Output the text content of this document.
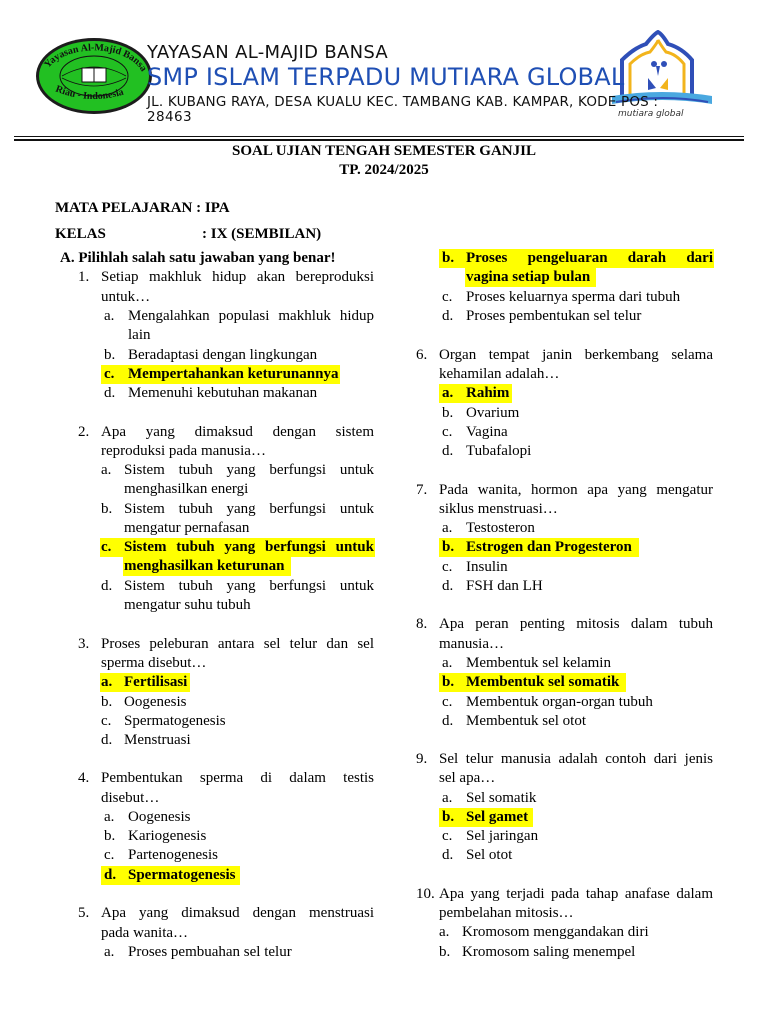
Yayasan Al-Majid Bansa
Riau - Indonesia
mutiara global
YAYASAN AL-MAJID BANSA
SMP ISLAM TERPADU MUTIARA GLOBAL
JL. KUBANG RAYA, DESA KUALU KEC. TAMBANG KAB. KAMPAR, KODE POS :
28463
SOAL UJIAN TENGAH SEMESTER GANJIL
TP. 2024/2025
MATA PELAJARAN : IPA
KELAS	: IX (SEMBILAN)
A. Pilihlah salah satu jawaban yang benar!
1. Setiap makhluk hidup akan bereproduksi
untuk…
a. Mengalahkan populasi makhluk hidup
lain
b. Beradaptasi dengan lingkungan
c. Mempertahankan keturunannya
d. Memenuhi kebutuhan makanan
2. Apa yang dimaksud dengan sistem
reproduksi pada manusia…
a. Sistem tubuh yang berfungsi untuk
menghasilkan energi
b. Sistem tubuh yang berfungsi untuk
mengatur pernafasan
c. Sistem tubuh yang berfungsi untuk
menghasilkan keturunan
d. Sistem tubuh yang berfungsi untuk
mengatur suhu tubuh
3. Proses peleburan antara sel telur dan sel
sperma disebut…
a. Fertilisasi
b. Oogenesis
c. Spermatogenesis
d. Menstruasi
4. Pembentukan sperma di dalam testis
disebut…
a. Oogenesis
b. Kariogenesis
c. Partenogenesis
d. Spermatogenesis
5. Apa yang dimaksud dengan menstruasi
pada wanita…
a. Proses pembuahan sel telur
b. Proses pengeluaran darah dari
vagina setiap bulan
c. Proses keluarnya sperma dari tubuh
d. Proses pembentukan sel telur
6. Organ tempat janin berkembang selama
kehamilan adalah…
a. Rahim
b. Ovarium
c. Vagina
d. Tubafalopi
7. Pada wanita, hormon apa yang mengatur
siklus menstruasi…
a. Testosteron
b. Estrogen dan Progesteron
c. Insulin
d. FSH dan LH
8. Apa peran penting mitosis dalam tubuh
manusia…
a. Membentuk sel kelamin
b. Membentuk sel somatik
c. Membentuk organ-organ tubuh
d. Membentuk sel otot
9. Sel telur manusia adalah contoh dari jenis
sel apa…
a. Sel somatik
b. Sel gamet
c. Sel jaringan
d. Sel otot
10. Apa yang terjadi pada tahap anafase dalam
pembelahan mitosis…
a. Kromosom menggandakan diri
b. Kromosom saling menempel
